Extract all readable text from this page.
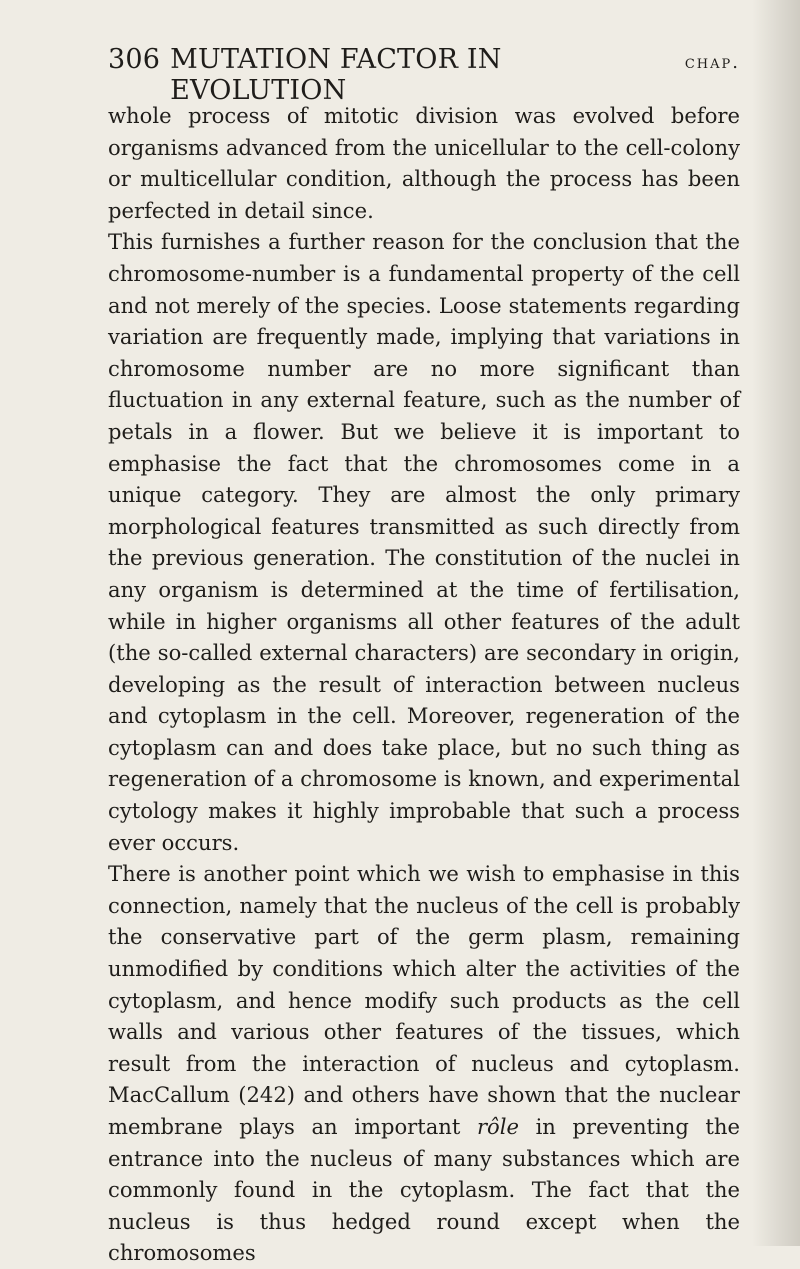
306 MUTATION FACTOR IN EVOLUTION
chap.

whole process of mitotic division was evolved before organisms advanced from the unicellular to the cell-colony or multicellular condition, although the process has been perfected in detail since.

This furnishes a further reason for the conclusion that the chromosome-number is a fundamental property of the cell and not merely of the species. Loose statements regarding variation are frequently made, implying that variations in chromosome number are no more significant than fluctuation in any external feature, such as the number of petals in a flower. But we believe it is important to emphasise the fact that the chromosomes come in a unique category. They are almost the only primary morphological features transmitted as such directly from the previous generation. The constitution of the nuclei in any organism is determined at the time of fertilisation, while in higher organisms all other features of the adult (the so-called external characters) are secondary in origin, developing as the result of interaction between nucleus and cytoplasm in the cell. Moreover, regeneration of the cytoplasm can and does take place, but no such thing as regeneration of a chromosome is known, and experimental cytology makes it highly improbable that such a process ever occurs.

There is another point which we wish to emphasise in this connection, namely that the nucleus of the cell is probably the conservative part of the germ plasm, remaining unmodified by conditions which alter the activities of the cytoplasm, and hence modify such products as the cell walls and various other features of the tissues, which result from the interaction of nucleus and cytoplasm. MacCallum (242) and others have shown that the nuclear membrane plays an important rôle in preventing the entrance into the nucleus of many substances which are commonly found in the cytoplasm. The fact that the nucleus is thus hedged round except when the chromosomes
